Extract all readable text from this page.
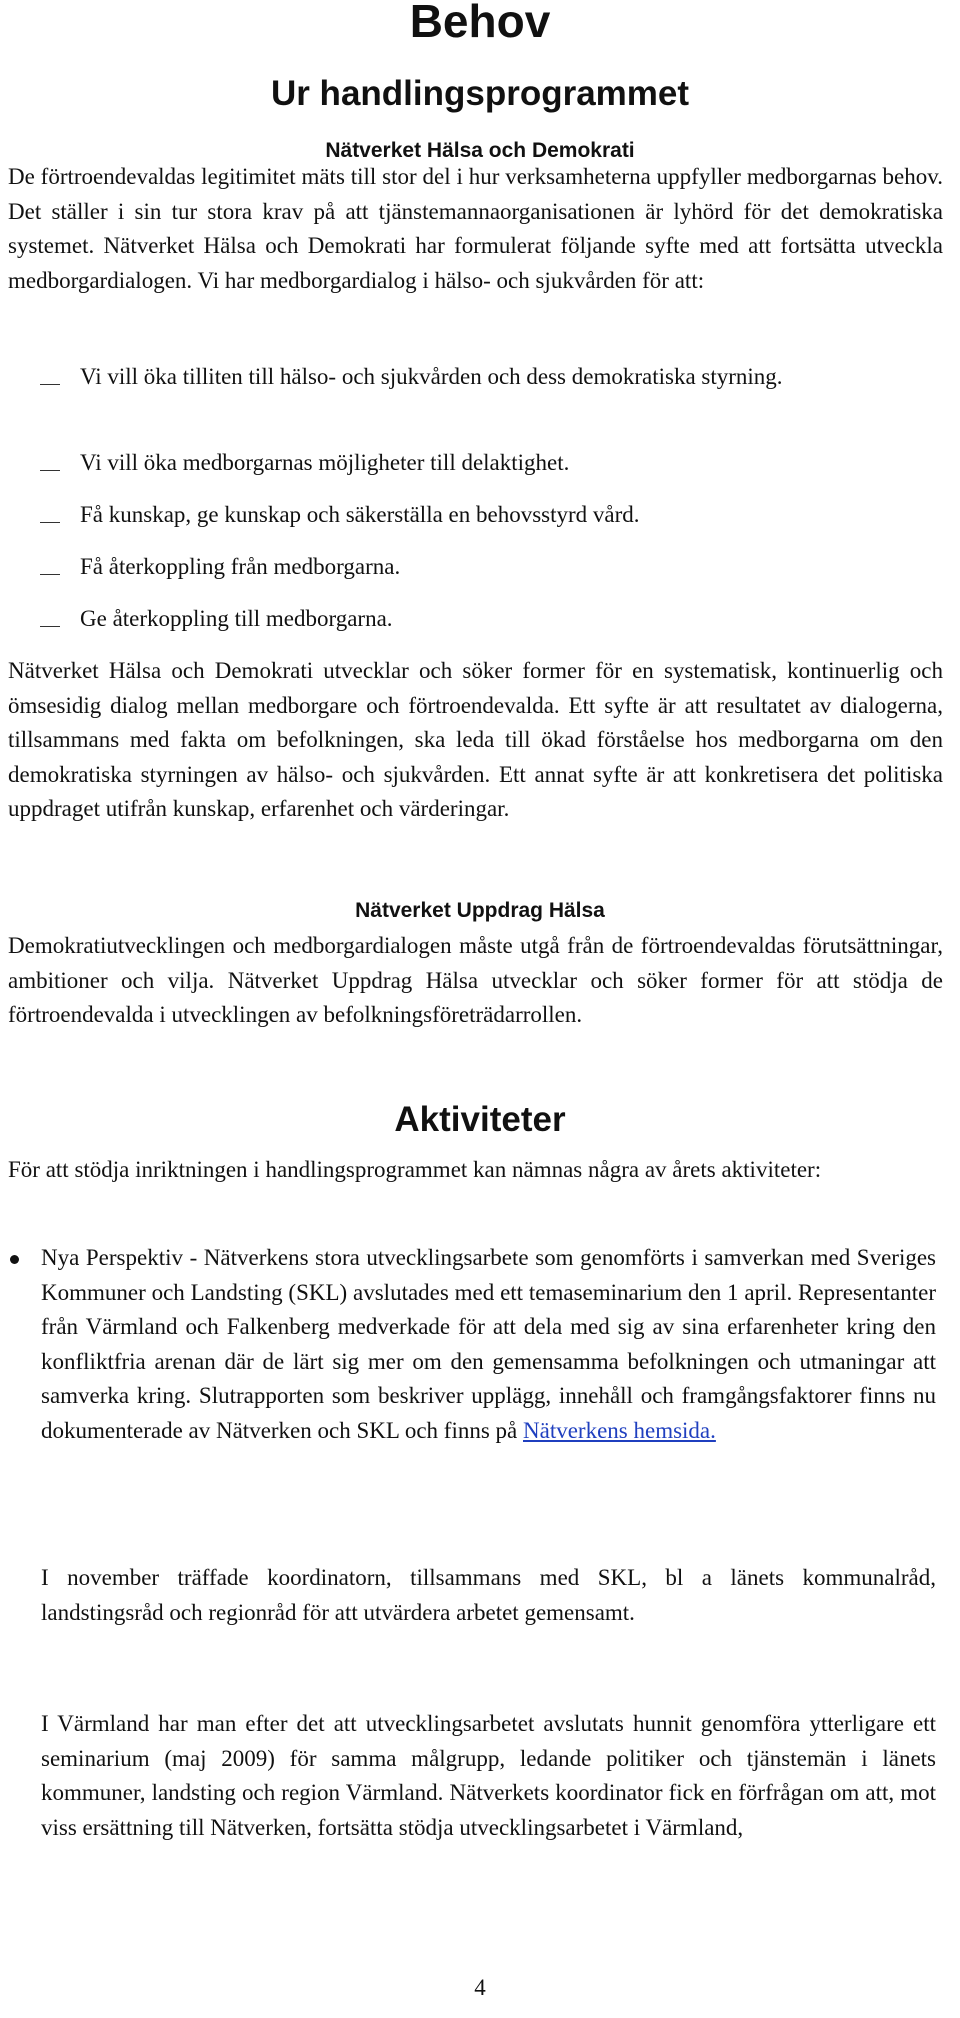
Behov
Ur handlingsprogrammet
Nätverket Hälsa och Demokrati

De förtroendevaldas legitimitet mäts till stor del i hur verksamheterna uppfyller medborgarnas behov. Det ställer i sin tur stora krav på att tjänstemannaorganisationen är lyhörd för det demokratiska systemet. Nätverket Hälsa och Demokrati har formulerat följande syfte med att fortsätta utveckla medborgardialogen. Vi har medborgardialog i hälso- och sjukvården för att:

Vi vill öka tilliten till hälso- och sjukvården och dess demokratiska styrning.
Vi vill öka medborgarnas möjligheter till delaktighet.
Få kunskap, ge kunskap och säkerställa en behovsstyrd vård.
Få återkoppling från medborgarna.
Ge återkoppling till medborgarna.

Nätverket Hälsa och Demokrati utvecklar och söker former för en systematisk, kontinuerlig och ömsesidig dialog mellan medborgare och förtroendevalda. Ett syfte är att resultatet av dialogerna, tillsammans med fakta om befolkningen, ska leda till ökad förståelse hos medborgarna om den demokratiska styrningen av hälso- och sjukvården. Ett annat syfte är att konkretisera det politiska uppdraget utifrån kunskap, erfarenhet och värderingar.

Nätverket Uppdrag Hälsa

Demokratiutvecklingen och medborgardialogen måste utgå från de förtroendevaldas förutsättningar, ambitioner och vilja. Nätverket Uppdrag Hälsa utvecklar och söker former för att stödja de förtroendevalda i utvecklingen av befolkningsföreträdarrollen.

Aktiviteter

För att stödja inriktningen i handlingsprogrammet kan nämnas några av årets aktiviteter:

Nya Perspektiv - Nätverkens stora utvecklingsarbete som genomförts i samverkan med Sveriges Kommuner och Landsting (SKL) avslutades med ett temaseminarium den 1 april. Representanter från Värmland och Falkenberg medverkade för att dela med sig av sina erfarenheter kring den konfliktfria arenan där de lärt sig mer om den gemensamma befolkningen och utmaningar att samverka kring. Slutrapporten som beskriver upplägg, innehåll och framgångsfaktorer finns nu dokumenterade av Nätverken och SKL och finns på Nätverkens hemsida.

I november träffade koordinatorn, tillsammans med SKL, bl a länets kommunalråd, landstingsråd och regionråd för att utvärdera arbetet gemensamt.

I Värmland har man efter det att utvecklingsarbetet avslutats hunnit genomföra ytterligare ett seminarium (maj 2009) för samma målgrupp, ledande politiker och tjänstemän i länets kommuner, landsting och region Värmland. Nätverkets koordinator fick en förfrågan om att, mot viss ersättning till Nätverken, fortsätta stödja utvecklingsarbetet i Värmland,

4
